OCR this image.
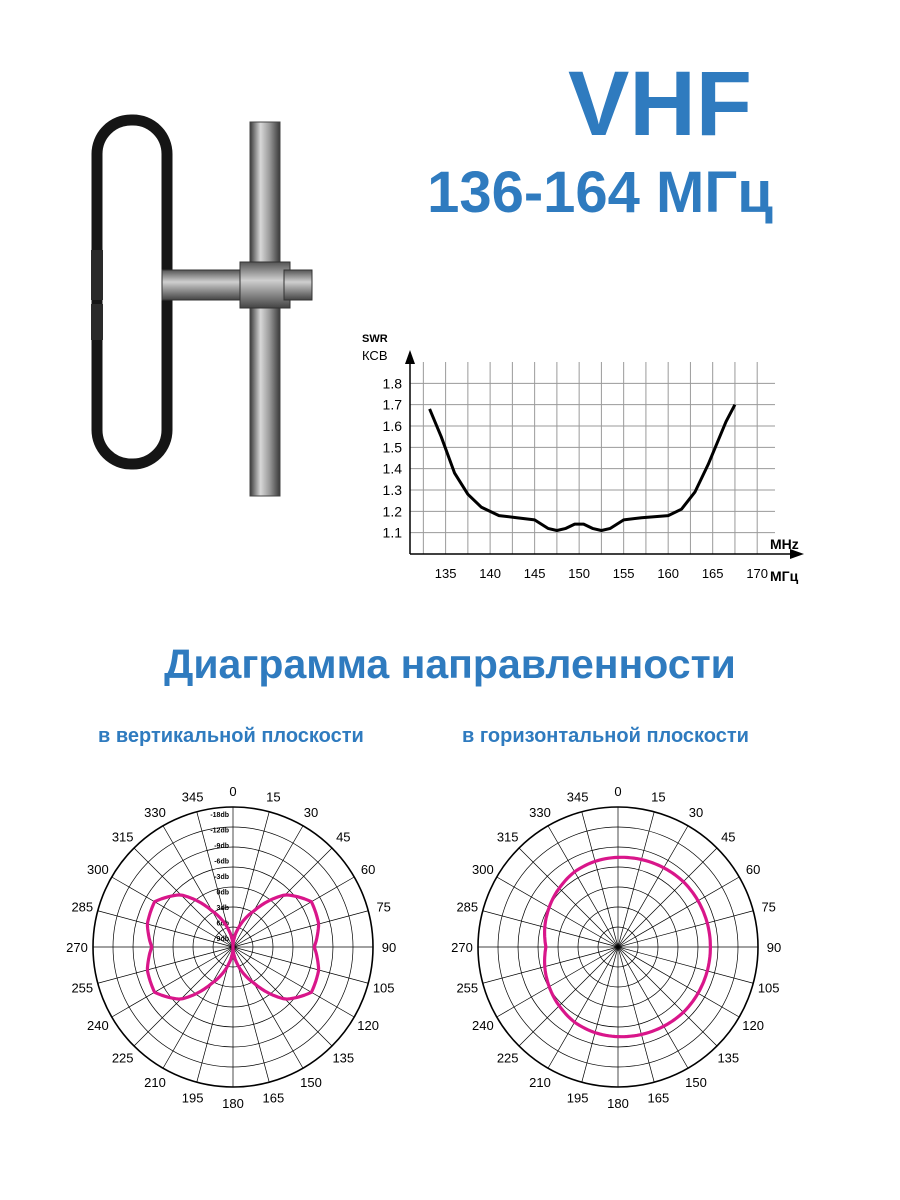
VHF
136-164 МГц
SWR
КСВ
MHz
МГц
1.1
1.2
1.3
1.4
1.5
1.6
1.7
1.8
135 140 145 150 155 160 165 170
Диаграмма направленности
в вертикальной плоскости	в горизонтальной плоскости
0 15
30
45
60
75
90
105
120
135
150
165
180
195
210
225
240
255
270
285
300
315
330
345
-18db
-12db
-9db
-6db
-3db
0db
3db
6db
9db
0 15
30
45
60
75
90
105
120
135
150
165
180
195
210
225
240
255
270
285
300
315
330
345
